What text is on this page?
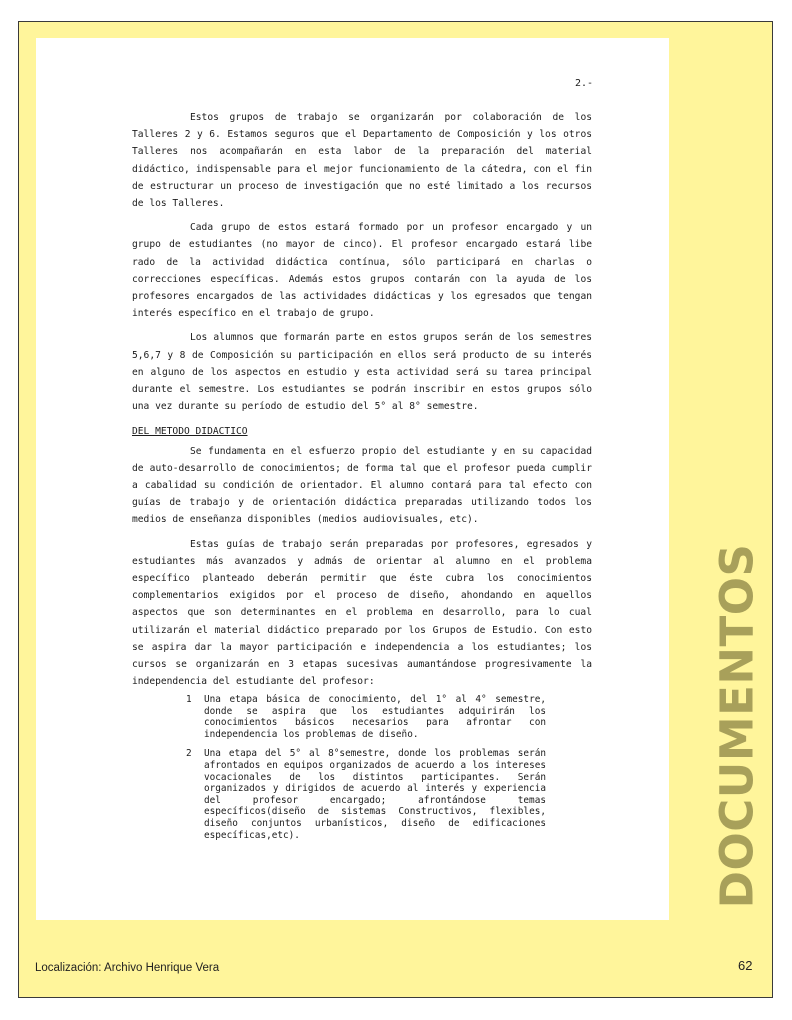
2.-

Estos grupos de trabajo se organizarán por colaboración de los Talleres 2 y 6. Estamos seguros que el Departamento de Composición y los otros Talleres nos acompañarán en esta labor de la preparación del material didáctico, indispensable para el mejor funcionamiento de la cátedra, con el fin de estructurar un proceso de investigación que no esté limitado a los recursos de los Talleres.

Cada grupo de estos estará formado por un profesor encargado y un grupo de estudiantes (no mayor de cinco). El profesor encargado estará libe rado de la actividad didáctica contínua, sólo participará en charlas o correcciones específicas. Además estos grupos contarán con la ayuda de los profesores encargados de las actividades didácticas y los egresados que tengan interés específico en el trabajo de grupo.

Los alumnos que formarán parte en estos grupos serán de los semestres 5,6,7 y 8 de Composición su participación en ellos será producto de su interés en alguno de los aspectos en estudio y esta actividad será su tarea principal durante el semestre. Los estudiantes se podrán inscribir en estos grupos sólo una vez durante su período de estudio del 5° al 8° semestre.

DEL METODO DIDACTICO

Se fundamenta en el esfuerzo propio del estudiante y en su capacidad de auto-desarrollo de conocimientos; de forma tal que el profesor pueda cumplir a cabalidad su condición de orientador. El alumno contará para tal efecto con guías de trabajo y de orientación didáctica preparadas utilizando todos los medios de enseñanza disponibles (medios audiovisuales, etc).

Estas guías de trabajo serán preparadas por profesores, egresados y estudiantes más avanzados y admás de orientar al alumno en el problema específico planteado deberán permitir que éste cubra los conocimientos complementarios exigidos por el proceso de diseño, ahondando en aquellos aspectos que son determinantes en el problema en desarrollo, para lo cual utilizarán el material didáctico preparado por los Grupos de Estudio. Con esto se aspira dar la mayor participación e independencia a los estudiantes; los cursos se organizarán en 3 etapas sucesivas aumantándose progresivamente la independencia del estudiante del profesor:

1	Una etapa básica de conocimiento, del 1° al 4° semestre, donde se aspira que los estudiantes adquirirán los conocimientos básicos necesarios para afrontar con independencia los problemas de diseño.
2	Una etapa del 5° al 8°semestre, donde los problemas serán afrontados en equipos organizados de acuerdo a los intereses vocacionales de los distintos participantes. Serán organizados y dirigidos de acuerdo al interés y experiencia del profesor encargado; afrontándose temas específicos(diseño de sistemas Constructivos, flexibles, diseño conjuntos urbanísticos, diseño de edificaciones específicas,etc).	DOCUMENTOS
Localización: Archivo Henrique Vera	62
